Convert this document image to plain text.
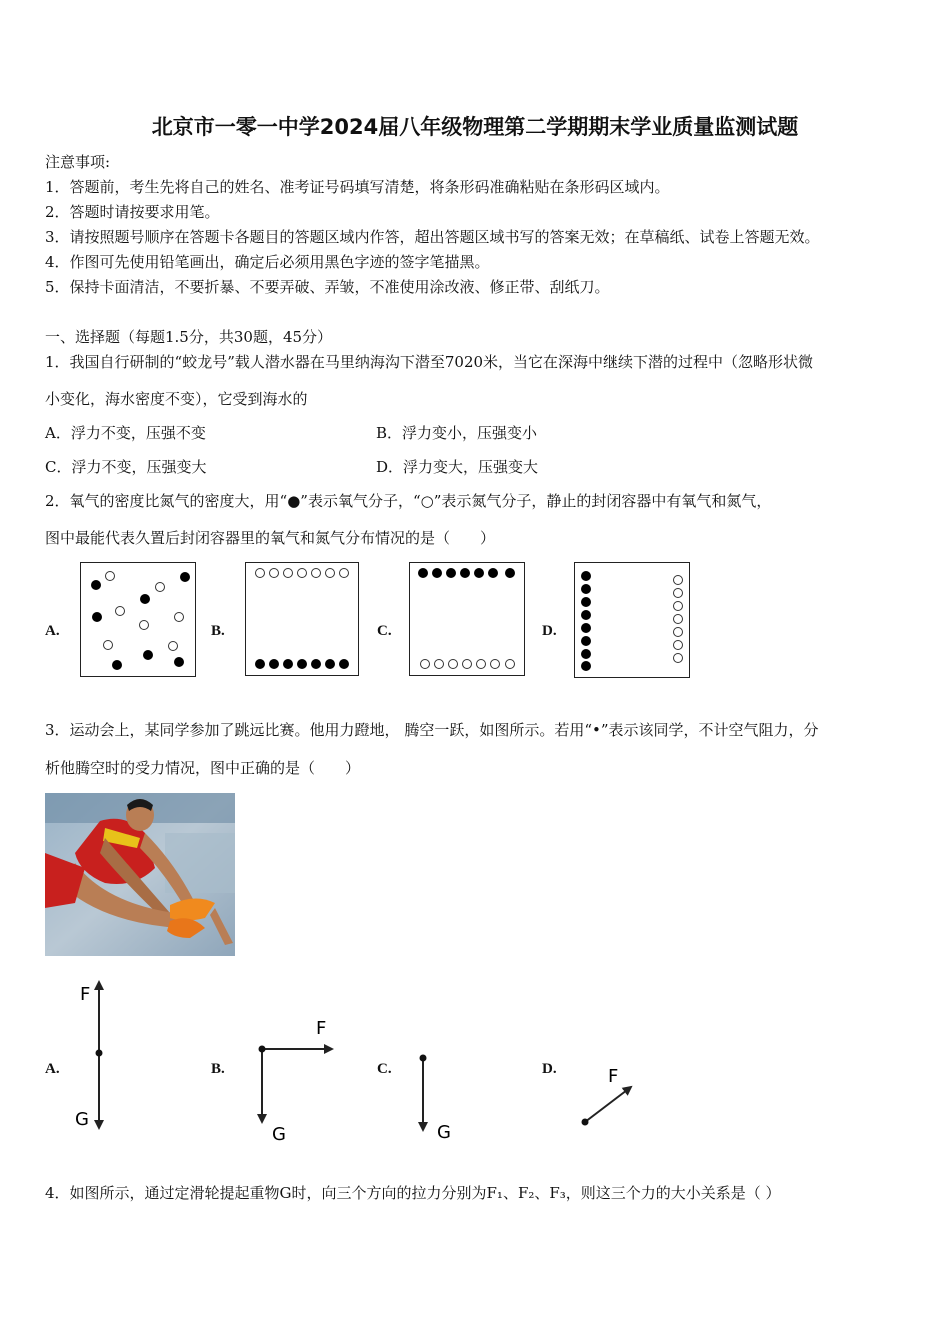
北京市一零一中学2024届八年级物理第二学期期末学业质量监测试题
注意事项:
1．答题前，考生先将自己的姓名、准考证号码填写清楚，将条形码准确粘贴在条形码区域内。
2．答题时请按要求用笔。
3．请按照题号顺序在答题卡各题目的答题区域内作答，超出答题区域书写的答案无效；在草稿纸、试卷上答题无效。
4．作图可先使用铅笔画出，确定后必须用黑色字迹的签字笔描黑。
5．保持卡面清洁，不要折暴、不要弄破、弄皱，不准使用涂改液、修正带、刮纸刀。
一、选择题（每题1.5分，共30题，45分）
1．我国自行研制的“蛟龙号”载人潜水器在马里纳海沟下潜至7020米，当它在深海中继续下潜的过程中（忽略形状微
小变化，海水密度不变），它受到海水的
A．浮力不变，压强不变	B．浮力变小，压强变小
C．浮力不变，压强变大	D．浮力变大，压强变大
2．氧气的密度比氮气的密度大，用“●”表示氧气分子，“○”表示氮气分子，静止的封闭容器中有氧气和氮气，
图中最能代表久置后封闭容器里的氧气和氮气分布情况的是（　　）
A.	B.	C.	D.
3．运动会上，某同学参加了跳远比赛。他用力蹬地， 腾空一跃，如图所示。若用“•”表示该同学，不计空气阻力，分
析他腾空时的受力情况，图中正确的是（　　）
A.	B.	C.	D.
F
G
F
G	G
F
4．如图所示，通过定滑轮提起重物G时，向三个方向的拉力分别为F₁、F₂、F₃，则这三个力的大小关系是（ ）
